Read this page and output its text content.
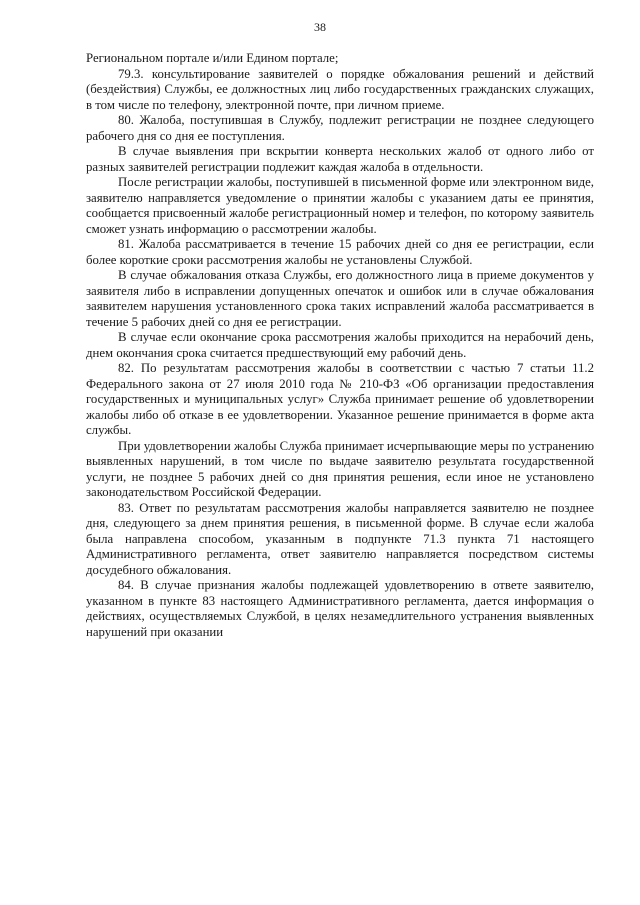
38

Региональном портале и/или Едином портале;

79.3. консультирование заявителей о порядке обжалования решений и действий (бездействия) Службы, ее должностных лиц либо государственных гражданских служащих, в том числе по телефону, электронной почте, при личном приеме.

80. Жалоба, поступившая в Службу, подлежит регистрации не позднее следующего рабочего дня со дня ее поступления.

В случае выявления при вскрытии конверта нескольких жалоб от одного либо от разных заявителей регистрации подлежит каждая жалоба в отдельности.

После регистрации жалобы, поступившей в письменной форме или электронном виде, заявителю направляется уведомление о принятии жалобы с указанием даты ее принятия, сообщается присвоенный жалобе регистрационный номер и телефон, по которому заявитель сможет узнать информацию о рассмотрении жалобы.

81. Жалоба рассматривается в течение 15 рабочих дней со дня ее регистрации, если более короткие сроки рассмотрения жалобы не установлены Службой.

В случае обжалования отказа Службы, его должностного лица в приеме документов у заявителя либо в исправлении допущенных опечаток и ошибок или в случае обжалования заявителем нарушения установленного срока таких исправлений жалоба рассматривается в течение 5 рабочих дней со дня ее регистрации.

В случае если окончание срока рассмотрения жалобы приходится на нерабочий день, днем окончания срока считается предшествующий ему рабочий день.

82. По результатам рассмотрения жалобы в соответствии с частью 7 статьи 11.2 Федерального закона от 27 июля 2010 года № 210-ФЗ «Об организации предоставления государственных и муниципальных услуг» Служба принимает решение об удовлетворении жалобы либо об отказе в ее удовлетворении. Указанное решение принимается в форме акта службы.

При удовлетворении жалобы Служба принимает исчерпывающие меры по устранению выявленных нарушений, в том числе по выдаче заявителю результата государственной услуги, не позднее 5 рабочих дней со дня принятия решения, если иное не установлено законодательством Российской Федерации.

83. Ответ по результатам рассмотрения жалобы направляется заявителю не позднее дня, следующего за днем принятия решения, в письменной форме. В случае если жалоба была направлена способом, указанным в подпункте 71.3 пункта 71 настоящего Административного регламента, ответ заявителю направляется посредством системы досудебного обжалования.

84. В случае признания жалобы подлежащей удовлетворению в ответе заявителю, указанном в пункте 83 настоящего Административного регламента, дается информация о действиях, осуществляемых Службой, в целях незамедлительного устранения выявленных нарушений при оказании
